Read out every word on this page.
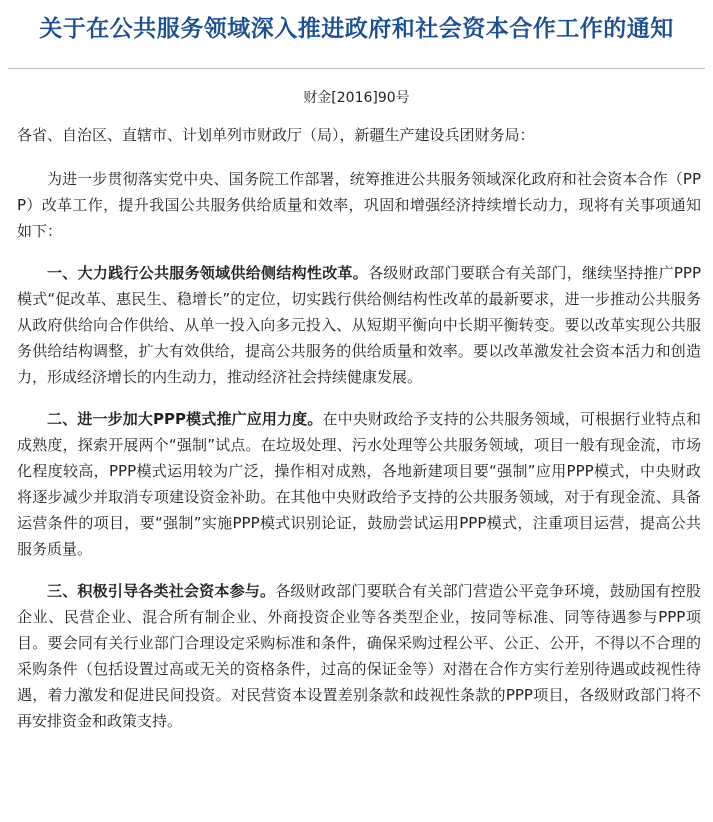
关于在公共服务领域深入推进政府和社会资本合作工作的通知
财金[2016]90号

各省、自治区、直辖市、计划单列市财政厅（局），新疆生产建设兵团财务局：

为进一步贯彻落实党中央、国务院工作部署，统筹推进公共服务领域深化政府和社会资本合作（PPP）改革工作，提升我国公共服务供给质量和效率，巩固和增强经济持续增长动力，现将有关事项通知如下：

一、大力践行公共服务领域供给侧结构性改革。各级财政部门要联合有关部门，继续坚持推广PPP模式“促改革、惠民生、稳增长”的定位，切实践行供给侧结构性改革的最新要求，进一步推动公共服务从政府供给向合作供给、从单一投入向多元投入、从短期平衡向中长期平衡转变。要以改革实现公共服务供给结构调整，扩大有效供给，提高公共服务的供给质量和效率。要以改革激发社会资本活力和创造力，形成经济增长的内生动力，推动经济社会持续健康发展。

二、进一步加大PPP模式推广应用力度。在中央财政给予支持的公共服务领域，可根据行业特点和成熟度，探索开展两个“强制”试点。在垃圾处理、污水处理等公共服务领域，项目一般有现金流，市场化程度较高，PPP模式运用较为广泛，操作相对成熟，各地新建项目要“强制”应用PPP模式，中央财政将逐步减少并取消专项建设资金补助。在其他中央财政给予支持的公共服务领域，对于有现金流、具备运营条件的项目，要“强制”实施PPP模式识别论证，鼓励尝试运用PPP模式，注重项目运营，提高公共服务质量。

三、积极引导各类社会资本参与。各级财政部门要联合有关部门营造公平竞争环境，鼓励国有控股企业、民营企业、混合所有制企业、外商投资企业等各类型企业，按同等标准、同等待遇参与PPP项目。要会同有关行业部门合理设定采购标准和条件，确保采购过程公平、公正、公开，不得以不合理的采购条件（包括设置过高或无关的资格条件，过高的保证金等）对潜在合作方实行差别待遇或歧视性待遇，着力激发和促进民间投资。对民营资本设置差别条款和歧视性条款的PPP项目，各级财政部门将不再安排资金和政策支持。
